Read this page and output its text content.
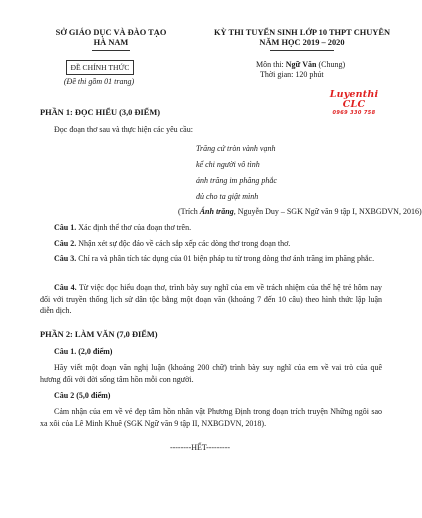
SỞ GIÁO DỤC VÀ ĐÀO TẠO
HÀ NAM
KỲ THI TUYỂN SINH LỚP 10 THPT CHUYÊN
NĂM HỌC 2019 – 2020
ĐỀ CHÍNH THỨC
(Đề thi gồm 01 trang)
Môn thi: Ngữ Văn (Chung)
Thời gian: 120 phút
Luyenthi CLC
0969 330 758
PHẦN 1: ĐỌC HIỂU (3,0 ĐIỂM)
Đọc đoạn thơ sau và thực hiện các yêu cầu:
Trăng cứ tròn vành vạnh
kể chi người vô tình
ánh trăng im phăng phắc
đủ cho ta giật mình
(Trích Ánh trăng, Nguyễn Duy – SGK Ngữ văn 9 tập I, NXBGDVN, 2016)
Câu 1. Xác định thể thơ của đoạn thơ trên.
Câu 2. Nhận xét sự độc đáo về cách sắp xếp các dòng thơ trong đoạn thơ.
Câu 3. Chỉ ra và phân tích tác dụng của 01 biện pháp tu từ trong dòng thơ ánh trăng im phăng phắc.
Câu 4. Từ việc đọc hiểu đoạn thơ, trình bày suy nghĩ của em về trách nhiệm của thế hệ trẻ hôm nay đối với truyền thống lịch sử dân tộc bằng một đoạn văn (khoảng 7 đến 10 câu) theo hình thức lập luận diễn dịch.
PHẦN 2: LÀM VĂN (7,0 ĐIỂM)
Câu 1. (2,0 điểm)
Hãy viết một đoạn văn nghị luận (khoảng 200 chữ) trình bày suy nghĩ của em về vai trò của quê hương đối với đời sống tâm hồn mỗi con người.
Câu 2 (5,0 điểm)
Cảm nhận của em về vẻ đẹp tâm hồn nhân vật Phương Định trong đoạn trích truyện Những ngôi sao xa xôi của Lê Minh Khuê (SGK Ngữ văn 9 tập II, NXBGDVN, 2018).
--------HẾT---------
